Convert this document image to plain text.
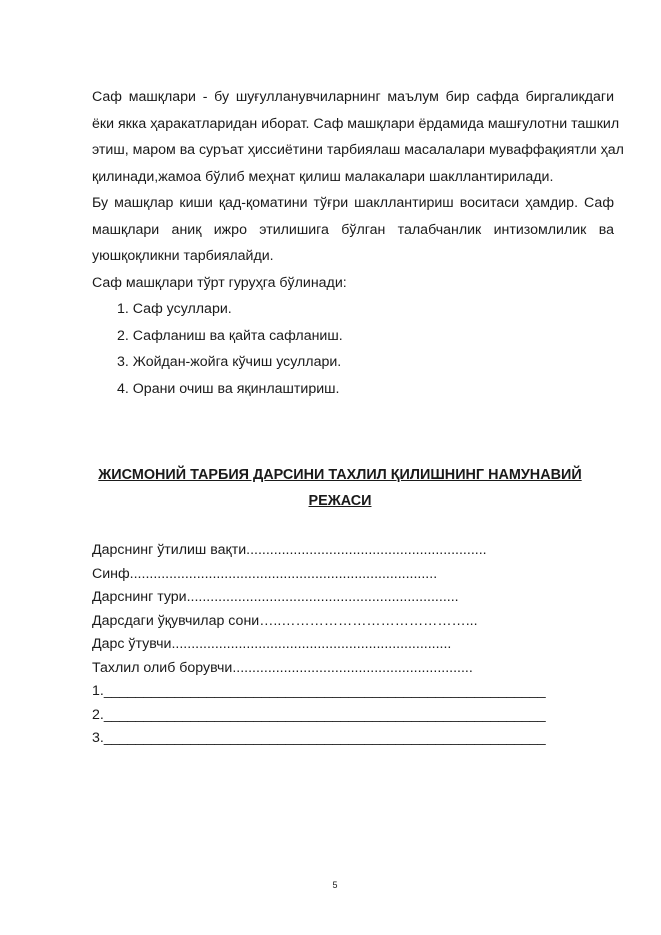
Саф машқлари - бу шуғулланувчиларнинг маълум бир сафда биргаликдаги
ёки якка ҳаракатларидан иборат. Саф машқлари ёрдамида машғулотни ташкил
этиш, маром ва суръат ҳиссиётини тарбиялаш масалалари муваффақиятли ҳал
қилинади,жамоа бўлиб меҳнат қилиш малакалари шакллантирилади.
Бу машқлар киши қад-қоматини тўғри шакллантириш воситаси ҳамдир. Саф
машқлари аниқ ижро этилишига бўлган талабчанлик интизомлилик ва
уюшқоқликни тарбиялайди.
Саф машқлари тўрт гуруҳга бўлинади:
1. Саф усуллари.
2. Сафланиш ва қайта сафланиш.
3. Жойдан-жойга кўчиш усуллари.
4. Орани очиш ва яқинлаштириш.
ЖИСМОНИЙ ТАРБИЯ ДАРСИНИ ТАХЛИЛ ҚИЛИШНИНГ НАМУНАВИЙ
РЕЖАСИ
Дарснинг ўтилиш вақти.............................................................
Синф..............................................................................
Дарснинг тури.....................................................................
Дарсдаги ўқувчилар сони…..…………………………………...
Дарс ўтувчи.......................................................................
Тахлил олиб борувчи.............................................................
1.________________________________________________________
2.________________________________________________________
3.________________________________________________________
5
